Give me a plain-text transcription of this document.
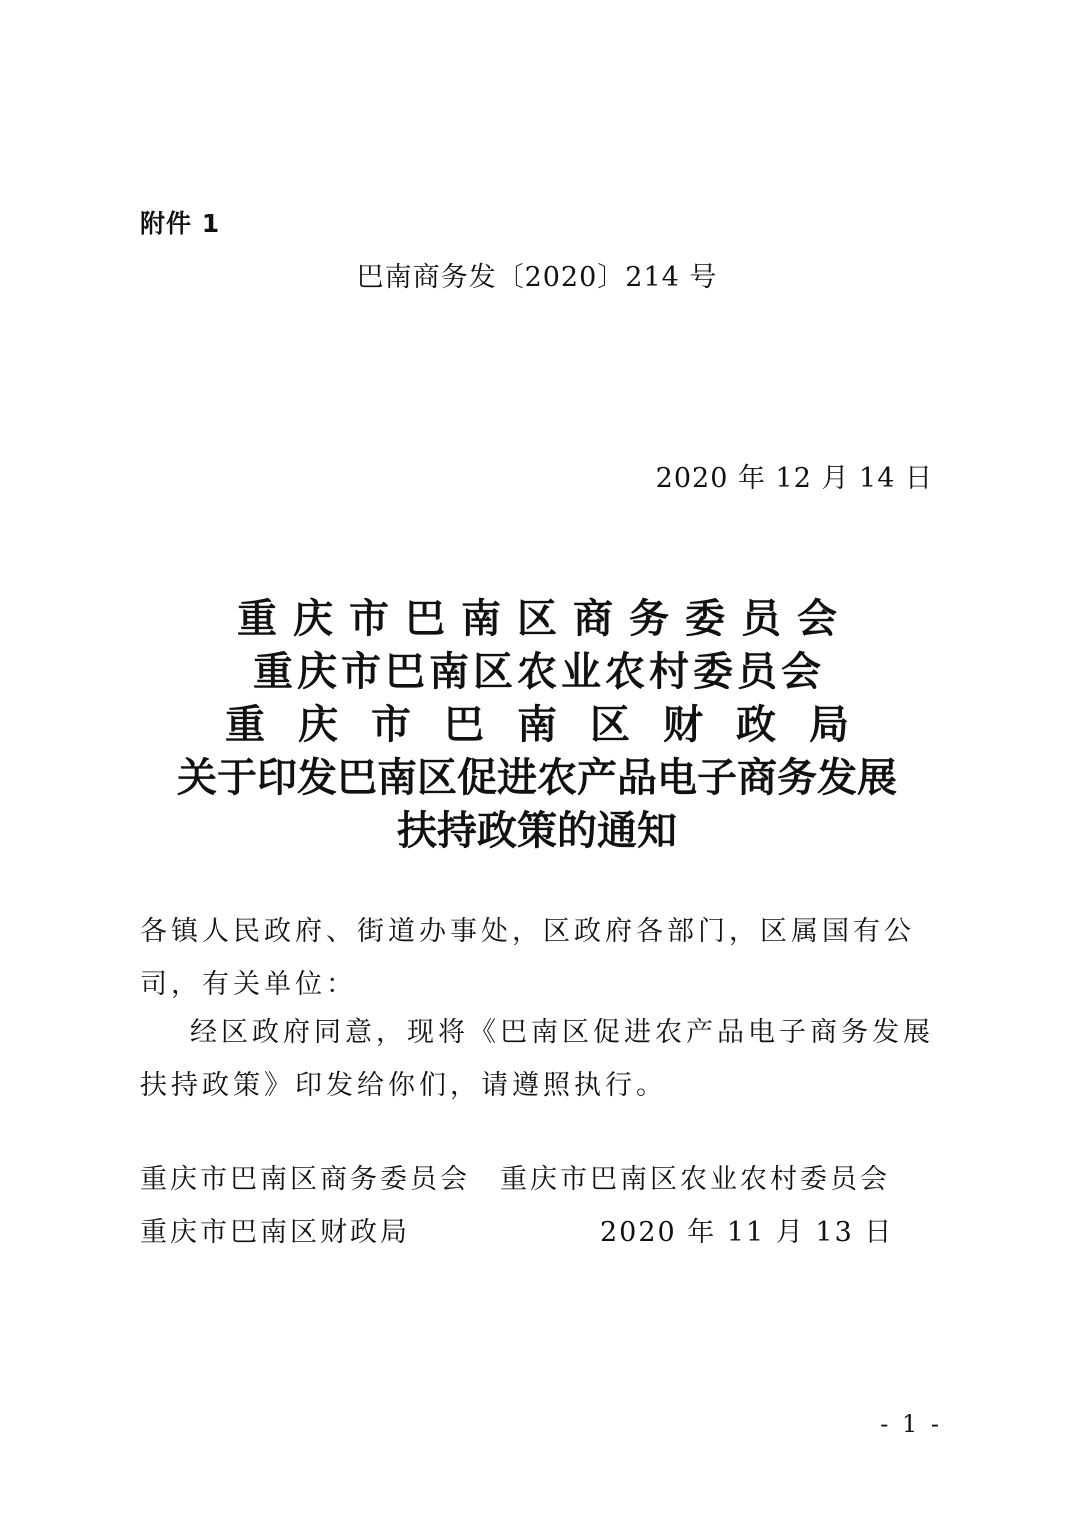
附件 1
巴南商务发〔2020〕214 号
2020 年 12 月 14 日
重庆市巴南区商务委员会
重庆市巴南区农业农村委员会
重庆市巴南区财政局
关于印发巴南区促进农产品电子商务发展
扶持政策的通知
各镇人民政府、街道办事处，区政府各部门，区属国有公司，有关单位：
经区政府同意，现将《巴南区促进农产品电子商务发展扶持政策》印发给你们，请遵照执行。
重庆市巴南区商务委员会 重庆市巴南区农业农村委员会
重庆市巴南区财政局	2020 年 11 月 13 日
- 1 -
